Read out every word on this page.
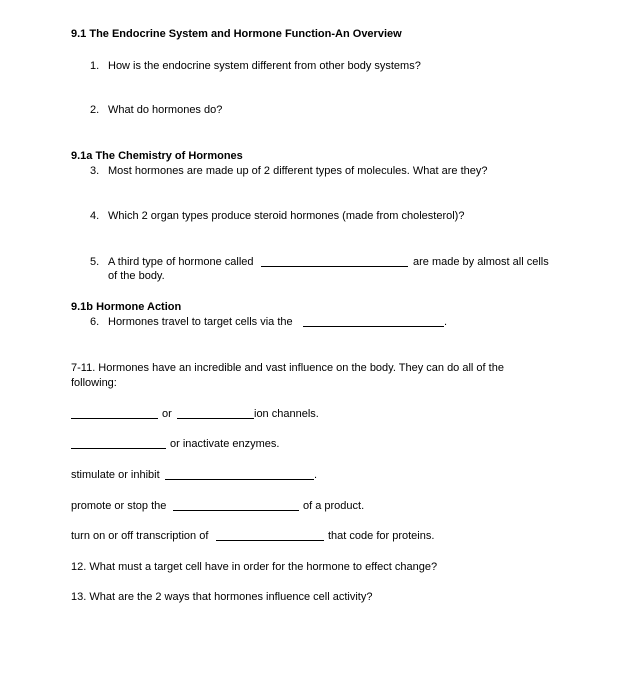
9.1 The Endocrine System and Hormone Function-An Overview
1. How is the endocrine system different from other body systems?
2. What do hormones do?
9.1a The Chemistry of Hormones
3. Most hormones are made up of 2 different types of molecules. What are they?
4. Which 2 organ types produce steroid hormones (made from cholesterol)?
5. A third type of hormone called	are made by almost all cells
of the body.
9.1b Hormone Action
6. Hormones travel to target cells via the	.
7-11. Hormones have an incredible and vast influence on the body. They can do all of the
following:
or	ion channels.
or inactivate enzymes.
stimulate or inhibit	.
promote or stop the	of a product.
turn on or off transcription of	that code for proteins.
12. What must a target cell have in order for the hormone to effect change?
13. What are the 2 ways that hormones influence cell activity?
